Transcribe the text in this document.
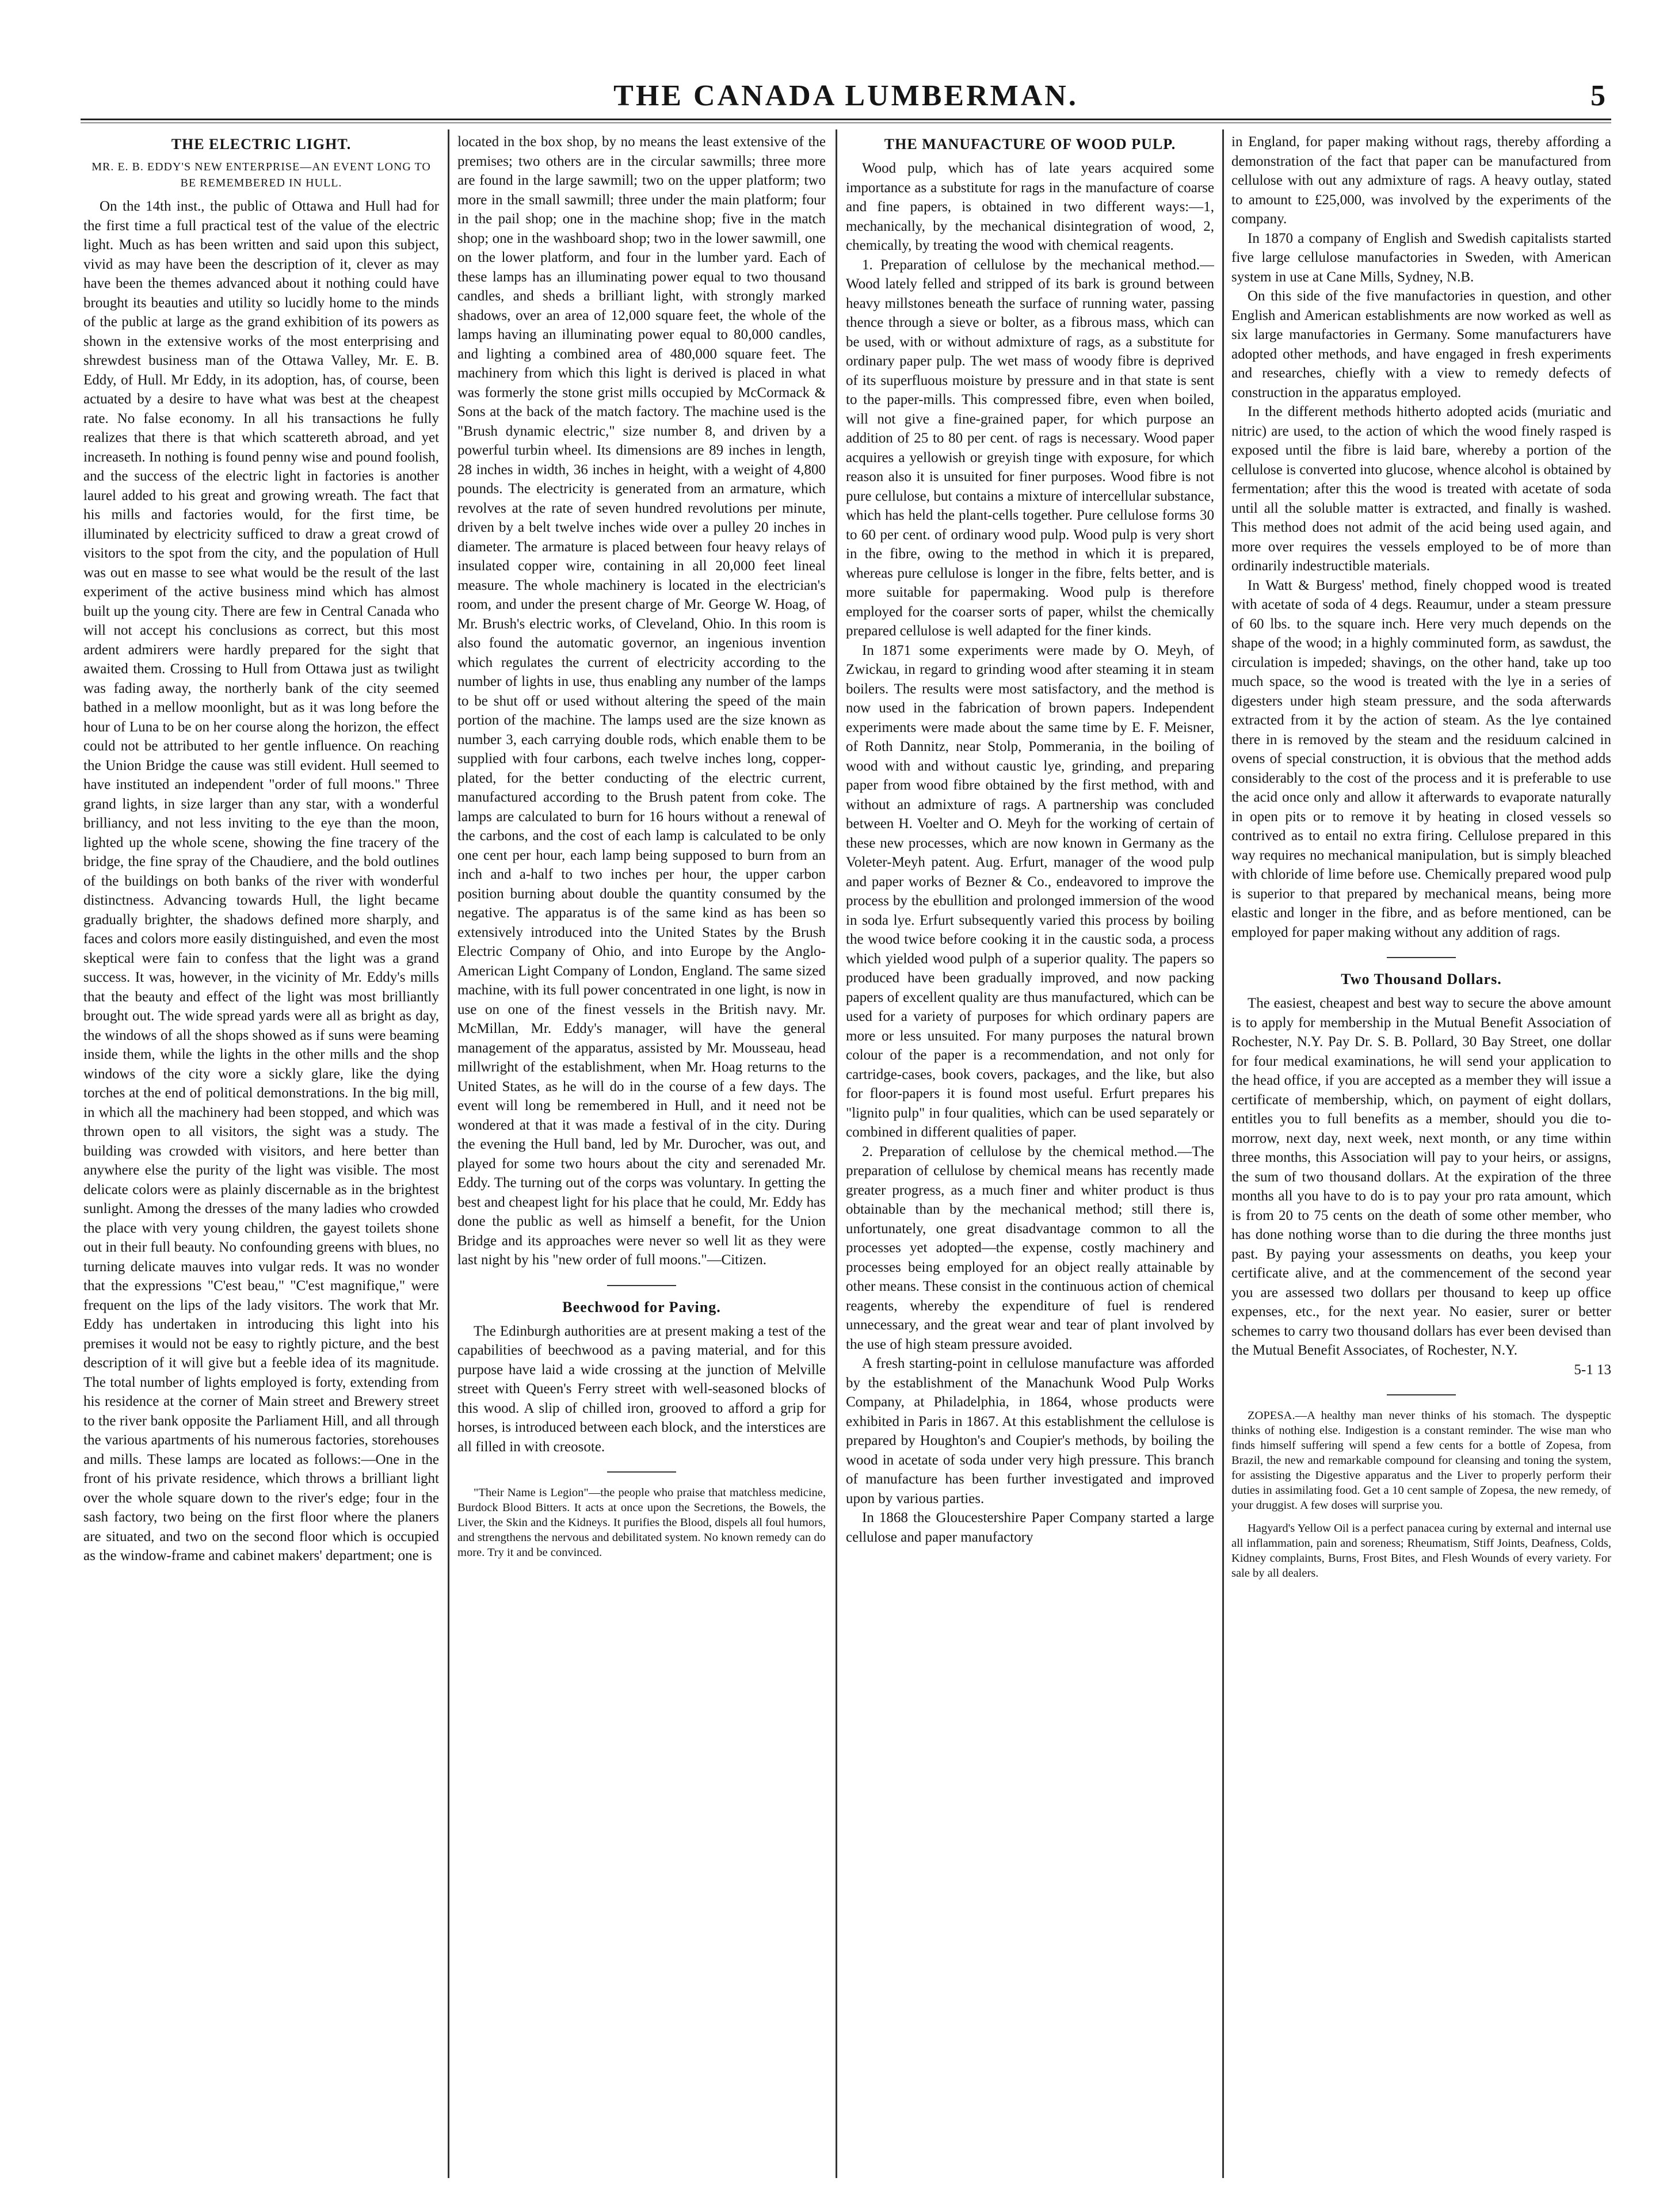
THE CANADA LUMBERMAN.	5
THE ELECTRIC LIGHT.
MR. E. B. EDDY'S NEW ENTERPRISE—AN EVENT LONG TO BE REMEMBERED IN HULL.

On the 14th inst., the public of Ottawa and Hull had for the first time a full practical test of the value of the electric light. Much as has been written and said upon this subject, vivid as may have been the description of it, clever as may have been the themes advanced about it nothing could have brought its beauties and utility so lucidly home to the minds of the public at large as the grand exhibition of its powers as shown in the extensive works of the most enterprising and shrewdest business man of the Ottawa Valley, Mr. E. B. Eddy, of Hull. Mr Eddy, in its adoption, has, of course, been actuated by a desire to have what was best at the cheapest rate. No false economy. In all his transactions he fully realizes that there is that which scattereth abroad, and yet increaseth. In nothing is found penny wise and pound foolish, and the success of the electric light in factories is another laurel added to his great and growing wreath. The fact that his mills and factories would, for the first time, be illuminated by electricity sufficed to draw a great crowd of visitors to the spot from the city, and the population of Hull was out en masse to see what would be the result of the last experiment of the active business mind which has almost built up the young city. There are few in Central Canada who will not accept his conclusions as correct, but this most ardent admirers were hardly prepared for the sight that awaited them. Crossing to Hull from Ottawa just as twilight was fading away, the northerly bank of the city seemed bathed in a mellow moonlight, but as it was long before the hour of Luna to be on her course along the horizon, the effect could not be attributed to her gentle influence. On reaching the Union Bridge the cause was still evident. Hull seemed to have instituted an independent "order of full moons." Three grand lights, in size larger than any star, with a wonderful brilliancy, and not less inviting to the eye than the moon, lighted up the whole scene, showing the fine tracery of the bridge, the fine spray of the Chaudiere, and the bold outlines of the buildings on both banks of the river with wonderful distinctness. Advancing towards Hull, the light became gradually brighter, the shadows defined more sharply, and faces and colors more easily distinguished, and even the most skeptical were fain to confess that the light was a grand success. It was, however, in the vicinity of Mr. Eddy's mills that the beauty and effect of the light was most brilliantly brought out. The wide spread yards were all as bright as day, the windows of all the shops showed as if suns were beaming inside them, while the lights in the other mills and the shop windows of the city wore a sickly glare, like the dying torches at the end of political demonstrations. In the big mill, in which all the machinery had been stopped, and which was thrown open to all visitors, the sight was a study. The building was crowded with visitors, and here better than anywhere else the purity of the light was visible. The most delicate colors were as plainly discernable as in the brightest sunlight. Among the dresses of the many ladies who crowded the place with very young children, the gayest toilets shone out in their full beauty. No confounding greens with blues, no turning delicate mauves into vulgar reds. It was no wonder that the expressions "C'est beau," "C'est magnifique," were frequent on the lips of the lady visitors. The work that Mr. Eddy has undertaken in introducing this light into his premises it would not be easy to rightly picture, and the best description of it will give but a feeble idea of its magnitude. The total number of lights employed is forty, extending from his residence at the corner of Main street and Brewery street to the river bank opposite the Parliament Hill, and all through the various apartments of his numerous factories, storehouses and mills. These lamps are located as follows:—One in the front of his private residence, which throws a brilliant light over the whole square down to the river's edge; four in the sash factory, two being on the first floor where the planers are situated, and two on the second floor which is occupied as the window-frame and cabinet makers' department; one is

located in the box shop, by no means the least extensive of the premises; two others are in the circular sawmills; three more are found in the large sawmill; two on the upper platform; two more in the small sawmill; three under the main platform; four in the pail shop; one in the machine shop; five in the match shop; one in the washboard shop; two in the lower sawmill, one on the lower platform, and four in the lumber yard. Each of these lamps has an illuminating power equal to two thousand candles, and sheds a brilliant light, with strongly marked shadows, over an area of 12,000 square feet, the whole of the lamps having an illuminating power equal to 80,000 candles, and lighting a combined area of 480,000 square feet. The machinery from which this light is derived is placed in what was formerly the stone grist mills occupied by McCormack & Sons at the back of the match factory. The machine used is the "Brush dynamic electric," size number 8, and driven by a powerful turbin wheel. Its dimensions are 89 inches in length, 28 inches in width, 36 inches in height, with a weight of 4,800 pounds. The electricity is generated from an armature, which revolves at the rate of seven hundred revolutions per minute, driven by a belt twelve inches wide over a pulley 20 inches in diameter. The armature is placed between four heavy relays of insulated copper wire, containing in all 20,000 feet lineal measure. The whole machinery is located in the electrician's room, and under the present charge of Mr. George W. Hoag, of Mr. Brush's electric works, of Cleveland, Ohio. In this room is also found the automatic governor, an ingenious invention which regulates the current of electricity according to the number of lights in use, thus enabling any number of the lamps to be shut off or used without altering the speed of the main portion of the machine. The lamps used are the size known as number 3, each carrying double rods, which enable them to be supplied with four carbons, each twelve inches long, copper-plated, for the better conducting of the electric current, manufactured according to the Brush patent from coke. The lamps are calculated to burn for 16 hours without a renewal of the carbons, and the cost of each lamp is calculated to be only one cent per hour, each lamp being supposed to burn from an inch and a-half to two inches per hour, the upper carbon position burning about double the quantity consumed by the negative. The apparatus is of the same kind as has been so extensively introduced into the United States by the Brush Electric Company of Ohio, and into Europe by the Anglo-American Light Company of London, England. The same sized machine, with its full power concentrated in one light, is now in use on one of the finest vessels in the British navy. Mr. McMillan, Mr. Eddy's manager, will have the general management of the apparatus, assisted by Mr. Mousseau, head millwright of the establishment, when Mr. Hoag returns to the United States, as he will do in the course of a few days. The event will long be remembered in Hull, and it need not be wondered at that it was made a festival of in the city. During the evening the Hull band, led by Mr. Durocher, was out, and played for some two hours about the city and serenaded Mr. Eddy. The turning out of the corps was voluntary. In getting the best and cheapest light for his place that he could, Mr. Eddy has done the public as well as himself a benefit, for the Union Bridge and its approaches were never so well lit as they were last night by his "new order of full moons."—Citizen.

Beechwood for Paving.

The Edinburgh authorities are at present making a test of the capabilities of beechwood as a paving material, and for this purpose have laid a wide crossing at the junction of Melville street with Queen's Ferry street with well-seasoned blocks of this wood. A slip of chilled iron, grooved to afford a grip for horses, is introduced between each block, and the interstices are all filled in with creosote.

"Their Name is Legion"—the people who praise that matchless medicine, Burdock Blood Bitters. It acts at once upon the Secretions, the Bowels, the Liver, the Skin and the Kidneys. It purifies the Blood, dispels all foul humors, and strengthens the nervous and debilitated system. No known remedy can do more. Try it and be convinced.

THE MANUFACTURE OF WOOD PULP.

Wood pulp, which has of late years acquired some importance as a substitute for rags in the manufacture of coarse and fine papers, is obtained in two different ways:—1, mechanically, by the mechanical disintegration of wood, 2, chemically, by treating the wood with chemical reagents.

1. Preparation of cellulose by the mechanical method.—Wood lately felled and stripped of its bark is ground between heavy millstones beneath the surface of running water, passing thence through a sieve or bolter, as a fibrous mass, which can be used, with or without admixture of rags, as a substitute for ordinary paper pulp. The wet mass of woody fibre is deprived of its superfluous moisture by pressure and in that state is sent to the paper-mills. This compressed fibre, even when boiled, will not give a fine-grained paper, for which purpose an addition of 25 to 80 per cent. of rags is necessary. Wood paper acquires a yellowish or greyish tinge with exposure, for which reason also it is unsuited for finer purposes. Wood fibre is not pure cellulose, but contains a mixture of intercellular substance, which has held the plant-cells together. Pure cellulose forms 30 to 60 per cent. of ordinary wood pulp. Wood pulp is very short in the fibre, owing to the method in which it is prepared, whereas pure cellulose is longer in the fibre, felts better, and is more suitable for papermaking. Wood pulp is therefore employed for the coarser sorts of paper, whilst the chemically prepared cellulose is well adapted for the finer kinds.

In 1871 some experiments were made by O. Meyh, of Zwickau, in regard to grinding wood after steaming it in steam boilers. The results were most satisfactory, and the method is now used in the fabrication of brown papers. Independent experiments were made about the same time by E. F. Meisner, of Roth Dannitz, near Stolp, Pommerania, in the boiling of wood with and without caustic lye, grinding, and preparing paper from wood fibre obtained by the first method, with and without an admixture of rags. A partnership was concluded between H. Voelter and O. Meyh for the working of certain of these new processes, which are now known in Germany as the Voleter-Meyh patent. Aug. Erfurt, manager of the wood pulp and paper works of Bezner & Co., endeavored to improve the process by the ebullition and prolonged immersion of the wood in soda lye. Erfurt subsequently varied this process by boiling the wood twice before cooking it in the caustic soda, a process which yielded wood pulph of a superior quality. The papers so produced have been gradually improved, and now packing papers of excellent quality are thus manufactured, which can be used for a variety of purposes for which ordinary papers are more or less unsuited. For many purposes the natural brown colour of the paper is a recommendation, and not only for cartridge-cases, book covers, packages, and the like, but also for floor-papers it is found most useful. Erfurt prepares his "lignito pulp" in four qualities, which can be used separately or combined in different qualities of paper.

2. Preparation of cellulose by the chemical method.—The preparation of cellulose by chemical means has recently made greater progress, as a much finer and whiter product is thus obtainable than by the mechanical method; still there is, unfortunately, one great disadvantage common to all the processes yet adopted—the expense, costly machinery and processes being employed for an object really attainable by other means. These consist in the continuous action of chemical reagents, whereby the expenditure of fuel is rendered unnecessary, and the great wear and tear of plant involved by the use of high steam pressure avoided.

A fresh starting-point in cellulose manufacture was afforded by the establishment of the Manachunk Wood Pulp Works Company, at Philadelphia, in 1864, whose products were exhibited in Paris in 1867. At this establishment the cellulose is prepared by Houghton's and Coupier's methods, by boiling the wood in acetate of soda under very high pressure. This branch of manufacture has been further investigated and improved upon by various parties.

In 1868 the Gloucestershire Paper Company started a large cellulose and paper manufactory

in England, for paper making without rags, thereby affording a demonstration of the fact that paper can be manufactured from cellulose with out any admixture of rags. A heavy outlay, stated to amount to £25,000, was involved by the experiments of the company.

In 1870 a company of English and Swedish capitalists started five large cellulose manufactories in Sweden, with American system in use at Cane Mills, Sydney, N.B.

On this side of the five manufactories in question, and other English and American establishments are now worked as well as six large manufactories in Germany. Some manufacturers have adopted other methods, and have engaged in fresh experiments and researches, chiefly with a view to remedy defects of construction in the apparatus employed.

In the different methods hitherto adopted acids (muriatic and nitric) are used, to the action of which the wood finely rasped is exposed until the fibre is laid bare, whereby a portion of the cellulose is converted into glucose, whence alcohol is obtained by fermentation; after this the wood is treated with acetate of soda until all the soluble matter is extracted, and finally is washed. This method does not admit of the acid being used again, and more over requires the vessels employed to be of more than ordinarily indestructible materials.

In Watt & Burgess' method, finely chopped wood is treated with acetate of soda of 4 degs. Reaumur, under a steam pressure of 60 lbs. to the square inch. Here very much depends on the shape of the wood; in a highly comminuted form, as sawdust, the circulation is impeded; shavings, on the other hand, take up too much space, so the wood is treated with the lye in a series of digesters under high steam pressure, and the soda afterwards extracted from it by the action of steam. As the lye contained there in is removed by the steam and the residuum calcined in ovens of special construction, it is obvious that the method adds considerably to the cost of the process and it is preferable to use the acid once only and allow it afterwards to evaporate naturally in open pits or to remove it by heating in closed vessels so contrived as to entail no extra firing. Cellulose prepared in this way requires no mechanical manipulation, but is simply bleached with chloride of lime before use. Chemically prepared wood pulp is superior to that prepared by mechanical means, being more elastic and longer in the fibre, and as before mentioned, can be employed for paper making without any addition of rags.

Two Thousand Dollars.

The easiest, cheapest and best way to secure the above amount is to apply for membership in the Mutual Benefit Association of Rochester, N.Y. Pay Dr. S. B. Pollard, 30 Bay Street, one dollar for four medical examinations, he will send your application to the head office, if you are accepted as a member they will issue a certificate of membership, which, on payment of eight dollars, entitles you to full benefits as a member, should you die to-morrow, next day, next week, next month, or any time within three months, this Association will pay to your heirs, or assigns, the sum of two thousand dollars. At the expiration of the three months all you have to do is to pay your pro rata amount, which is from 20 to 75 cents on the death of some other member, who has done nothing worse than to die during the three months just past. By paying your assessments on deaths, you keep your certificate alive, and at the commencement of the second year you are assessed two dollars per thousand to keep up office expenses, etc., for the next year. No easier, surer or better schemes to carry two thousand dollars has ever been devised than the Mutual Benefit Associates, of Rochester, N.Y.

5-1 13

ZOPESA.—A healthy man never thinks of his stomach. The dyspeptic thinks of nothing else. Indigestion is a constant reminder. The wise man who finds himself suffering will spend a few cents for a bottle of Zopesa, from Brazil, the new and remarkable compound for cleansing and toning the system, for assisting the Digestive apparatus and the Liver to properly perform their duties in assimilating food. Get a 10 cent sample of Zopesa, the new remedy, of your druggist. A few doses will surprise you.

Hagyard's Yellow Oil is a perfect panacea curing by external and internal use all inflammation, pain and soreness; Rheumatism, Stiff Joints, Deafness, Colds, Kidney complaints, Burns, Frost Bites, and Flesh Wounds of every variety. For sale by all dealers.
